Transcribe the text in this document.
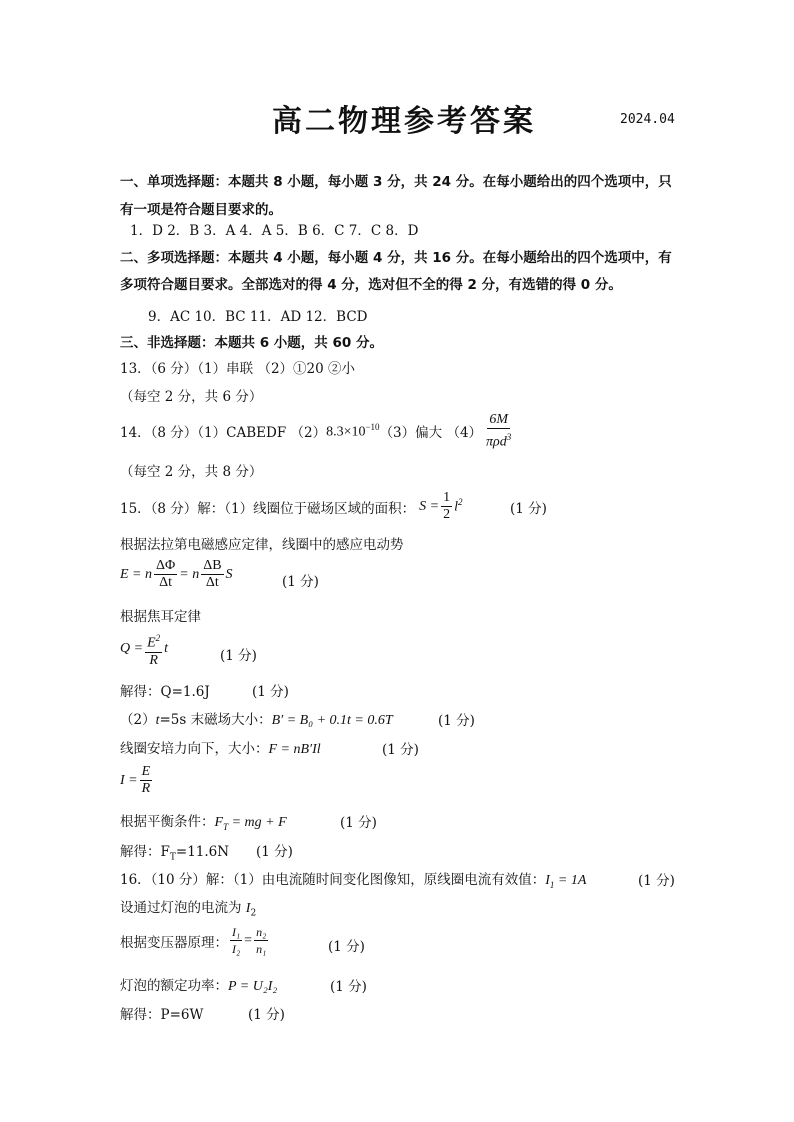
高二物理参考答案	2024.04
一、单项选择题：本题共 8 小题，每小题 3 分，共 24 分。在每小题给出的四个选项中，只
有一项是符合题目要求的。
1．D 2．B 3．A 4．A 5．B 6．C 7．C 8．D
二、多项选择题：本题共 4 小题，每小题 4 分，共 16 分。在每小题给出的四个选项中，有
多项符合题目要求。全部选对的得 4 分，选对但不全的得 2 分，有选错的得 0 分。
9．AC 10．BC 11．AD 12．BCD
三、非选择题：本题共 6 小题，共 60 分。
13．（6 分）（1）串联 （2）①20 ②小
（每空 2 分，共 6 分）
14．（8 分）（1）CABEDF （2） $8.3\times 10^{-10}$ （3）偏大 $(4) \frac{6M}{\pi\rho d^3}$
（每空 2 分，共 8 分）
15．（8 分）解：（1）线圈位于磁场区域的面积： $S = \frac{1}{2} l^2$	(1 分)
根据法拉第电磁感应定律，线圈中的感应电动势
E = n $\frac{\Delta\Phi}{\Delta t} = n \frac{\Delta B}{\Delta t}$ S	(1 分)
根据焦耳定律
$Q = \frac{E^2}{R}$ t	(1 分)
解得：Q=1.6J	(1 分)
（2）t=5s 末磁场大小：B′ = B₀ + 0.1t = 0.6T	(1 分)
线圈安培力向下，大小：F = nB′Il	(1 分)
$I = \frac{E}{R}$
根据平衡条件：$F_T$ = mg + F	(1 分)
解得：$F_T=11.6N$ (1 分)
16．（10 分）解：（1）由电流随时间变化图像知，原线圈电流有效值：$I_1 = 1A$	(1 分)
设通过灯泡的电流为 $I_2$
根据变压器原理： $\frac{\text{I₁}}{\text{I₂}} = \frac{\text{n₂}}{\text{n₁}}$	(1 分)
灯泡的额定功率：P = U₂I₂	(1 分)
解得：P=6W	(1 分)
